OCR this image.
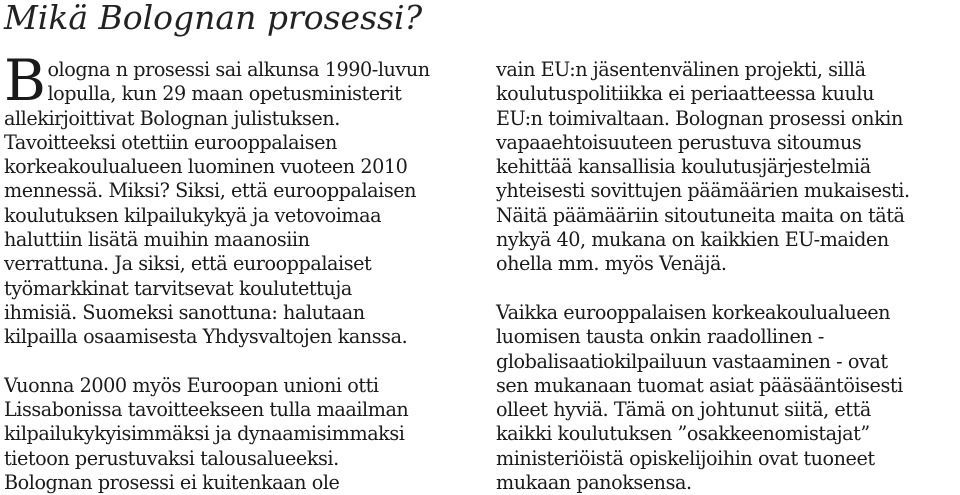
Mikä Bolognan prosessi?
B ologna n prosessi sai alkunsa 1990-luvun
lopulla, kun 29 maan opetusministerit
allekirjoittivat Bolognan julistuksen.
Tavoitteeksi otettiin eurooppalaisen
korkeakoulualueen luominen vuoteen 2010
mennessä. Miksi? Siksi, että eurooppalaisen
koulutuksen kilpailukykyä ja vetovoimaa
haluttiin lisätä muihin maanosiin
verrattuna. Ja siksi, että eurooppalaiset
työmarkkinat tarvitsevat koulutettuja
ihmisiä. Suomeksi sanottuna: halutaan
kilpailla osaamisesta Yhdysvaltojen kanssa.
Vuonna 2000 myös Euroopan unioni otti
Lissabonissa tavoitteekseen tulla maailman
kilpailukykyisimmäksi ja dynaamisimmaksi
tietoon perustuvaksi talousalueeksi.
Bolognan prosessi ei kuitenkaan ole
vain EU:n jäsentenvälinen projekti, sillä
koulutuspolitiikka ei periaatteessa kuulu
EU:n toimivaltaan. Bolognan prosessi onkin
vapaaehtoisuuteen perustuva sitoumus
kehittää kansallisia koulutusjärjestelmiä
yhteisesti sovittujen päämäärien mukaisesti.
Näitä päämääriin sitoutuneita maita on tätä
nykyä 40, mukana on kaikkien EU-maiden
ohella mm. myös Venäjä.
Vaikka eurooppalaisen korkeakoulualueen
luomisen tausta onkin raadollinen -
globalisaatiokilpailuun vastaaminen - ovat
sen mukanaan tuomat asiat pääsääntöisesti
olleet hyviä. Tämä on johtunut siitä, että
kaikki koulutuksen ”osakkeenomistajat”
ministeriöistä opiskelijoihin ovat tuoneet
mukaan panoksensa.
